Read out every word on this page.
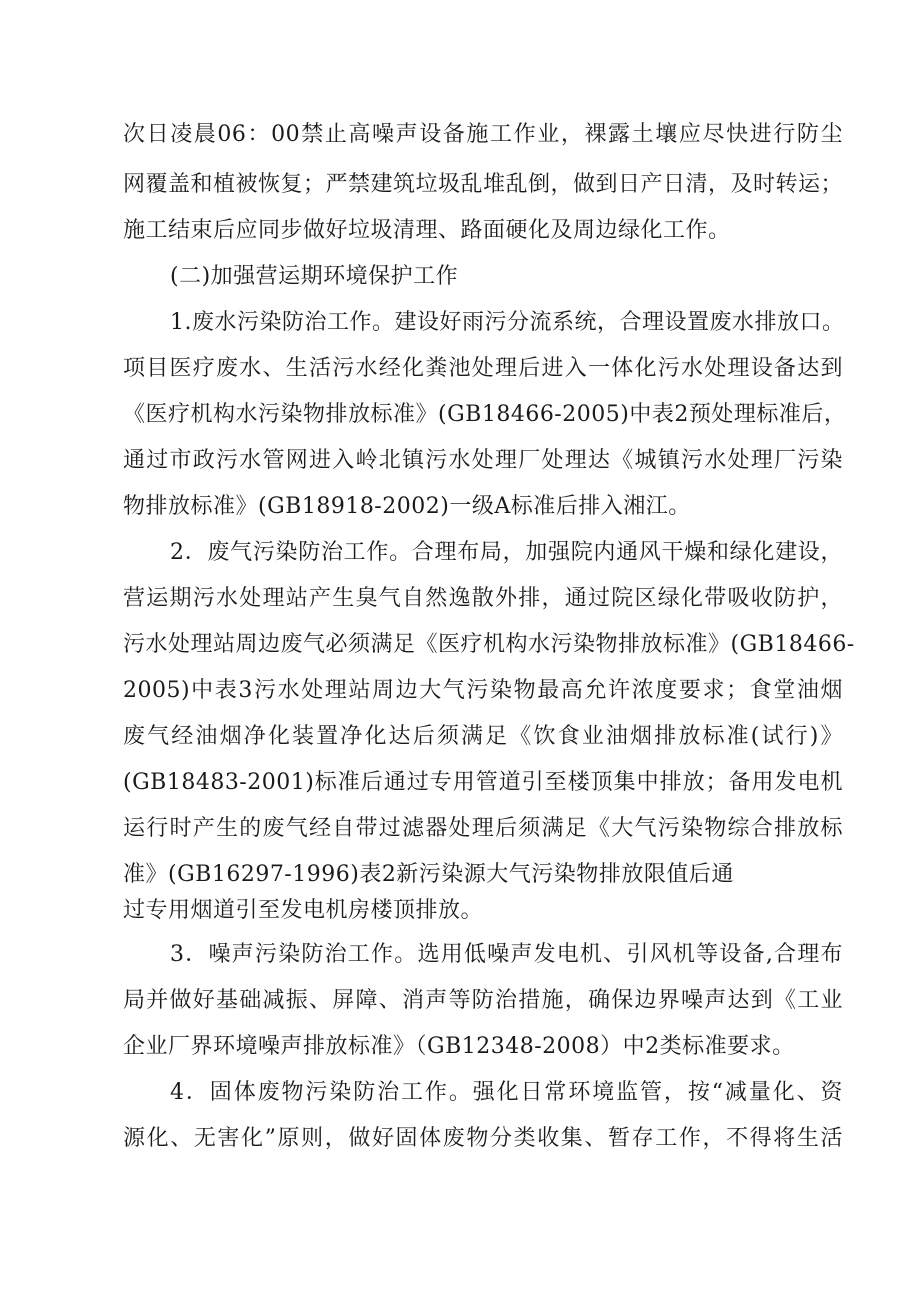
次日凌晨06：00禁止高噪声设备施工作业，裸露土壤应尽快进行防尘
网覆盖和植被恢复；严禁建筑垃圾乱堆乱倒，做到日产日清，及时转运；
施工结束后应同步做好垃圾清理、路面硬化及周边绿化工作。
(二)加强营运期环境保护工作
1.废水污染防治工作。建设好雨污分流系统，合理设置废水排放口。
项目医疗废水、生活污水经化粪池处理后进入一体化污水处理设备达到
《医疗机构水污染物排放标准》(GB18466-2005)中表2预处理标准后，
通过市政污水管网进入岭北镇污水处理厂处理达《城镇污水处理厂污染
物排放标准》(GB18918-2002)一级A标准后排入湘江。
2．废气污染防治工作。合理布局，加强院内通风干燥和绿化建设，
营运期污水处理站产生臭气自然逸散外排，通过院区绿化带吸收防护，
污水处理站周边废气必须满足《医疗机构水污染物排放标准》(GB18466-
2005)中表3污水处理站周边大气污染物最高允许浓度要求；食堂油烟
废气经油烟净化装置净化达后须满足《饮食业油烟排放标准(试行)》
(GB18483-2001)标准后通过专用管道引至楼顶集中排放；备用发电机
运行时产生的废气经自带过滤器处理后须满足《大气污染物综合排放标
准》(GB16297-1996)表2新污染源大气污染物排放限值后通
过专用烟道引至发电机房楼顶排放。
3．噪声污染防治工作。选用低噪声发电机、引风机等设备,合理布
局并做好基础减振、屏障、消声等防治措施，确保边界噪声达到《工业
企业厂界环境噪声排放标准》（GB12348-2008）中2类标准要求。
4．固体废物污染防治工作。强化日常环境监管，按“减量化、资
源化、无害化”原则，做好固体废物分类收集、暂存工作，不得将生活
